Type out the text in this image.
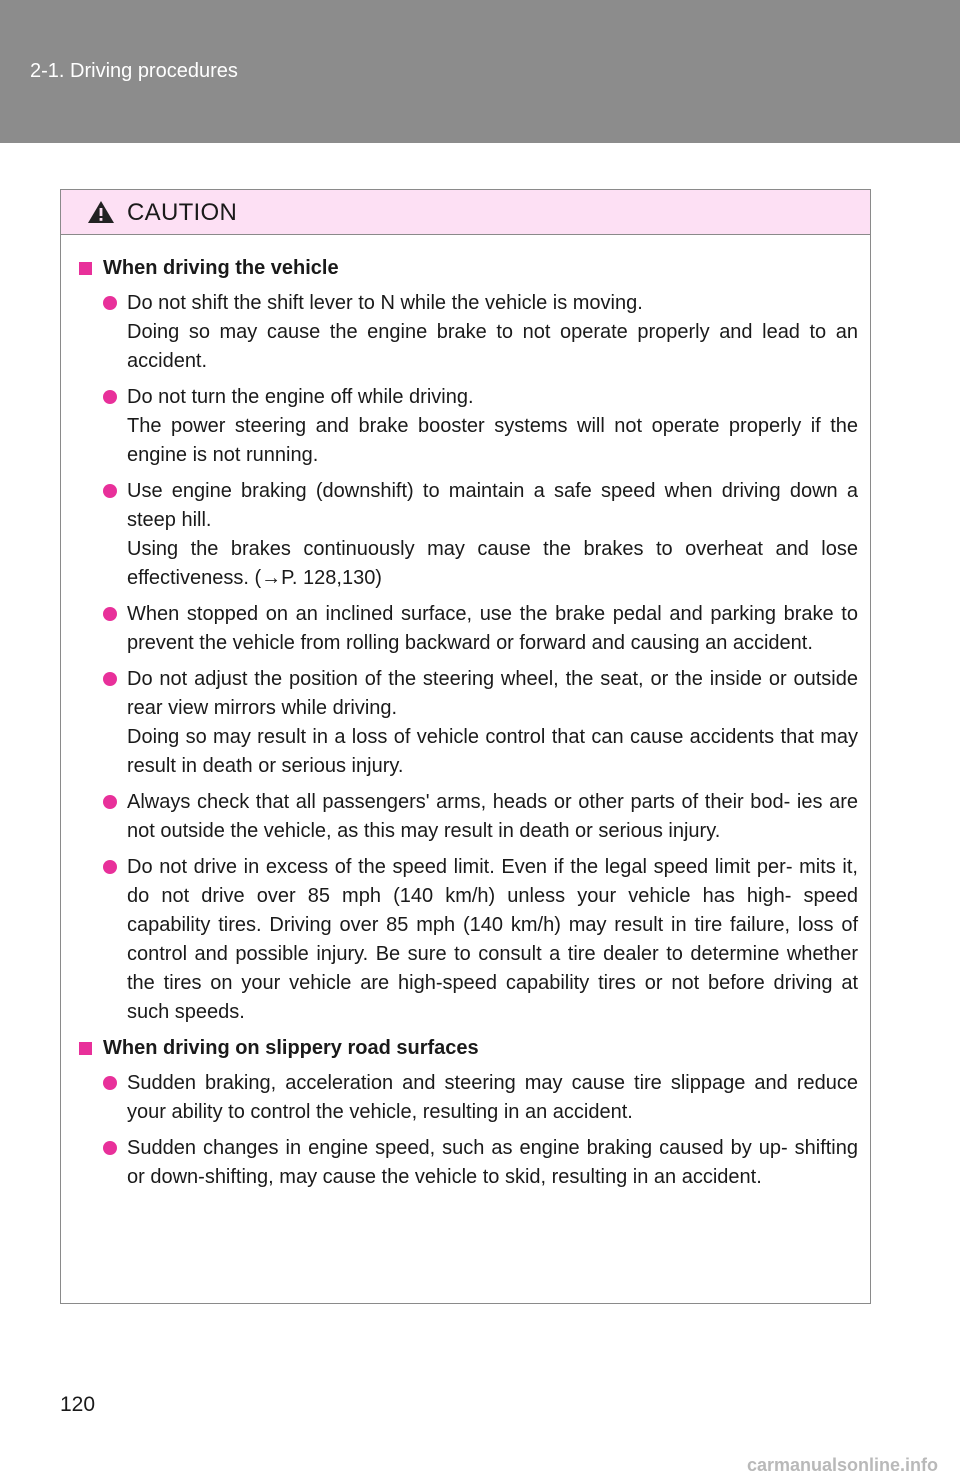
2-1. Driving procedures
CAUTION
When driving the vehicle

Do not shift the shift lever to N while the vehicle is moving.

Doing so may cause the engine brake to not operate properly and lead to an accident.

Do not turn the engine off while driving.

The power steering and brake booster systems will not operate properly if the engine is not running.

Use engine braking (downshift) to maintain a safe speed when driving down a steep hill.

Using the brakes continuously may cause the brakes to overheat and lose effectiveness. (→P. 128,130)

When stopped on an inclined surface, use the brake pedal and parking brake to prevent the vehicle from rolling backward or forward and causing an accident.

Do not adjust the position of the steering wheel, the seat, or the inside or outside rear view mirrors while driving.

Doing so may result in a loss of vehicle control that can cause accidents that may result in death or serious injury.

Always check that all passengers' arms, heads or other parts of their bod- ies are not outside the vehicle, as this may result in death or serious injury.

Do not drive in excess of the speed limit. Even if the legal speed limit per- mits it, do not drive over 85 mph (140 km/h) unless your vehicle has high- speed capability tires. Driving over 85 mph (140 km/h) may result in tire failure, loss of control and possible injury. Be sure to consult a tire dealer to determine whether the tires on your vehicle are high-speed capability tires or not before driving at such speeds.

When driving on slippery road surfaces

Sudden braking, acceleration and steering may cause tire slippage and reduce your ability to control the vehicle, resulting in an accident.

Sudden changes in engine speed, such as engine braking caused by up- shifting or down-shifting, may cause the vehicle to skid, resulting in an accident.

120
carmanualsonline.info
